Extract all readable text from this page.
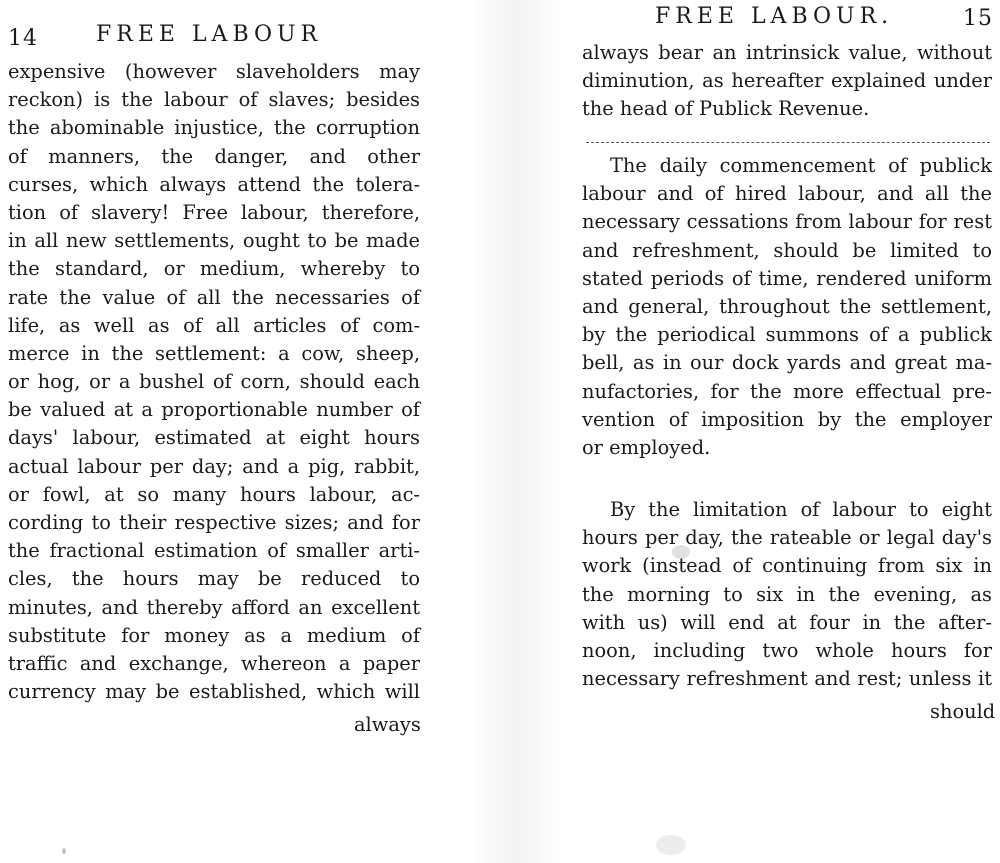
14	FREE LABOUR
expensive (however slaveholders may
reckon) is the labour of slaves; besides
the abominable injustice, the corruption
of manners, the danger, and other
curses, which always attend the tolera-
tion of slavery! Free labour, therefore,
in all new settlements, ought to be made
the standard, or medium, whereby to
rate the value of all the necessaries of
life, as well as of all articles of com-
merce in the settlement: a cow, sheep,
or hog, or a bushel of corn, should each
be valued at a proportionable number of
days' labour, estimated at eight hours
actual labour per day; and a pig, rabbit,
or fowl, at so many hours labour, ac-
cording to their respective sizes; and for
the fractional estimation of smaller arti-
cles, the hours may be reduced to
minutes, and thereby afford an excellent
substitute for money as a medium of
traffic and exchange, whereon a paper
currency may be established, which will
always
FREE LABOUR.	15
always bear an intrinsick value, without
diminution, as hereafter explained under
the head of Publick Revenue.
The daily commencement of publick
labour and of hired labour, and all the
necessary cessations from labour for rest
and refreshment, should be limited to
stated periods of time, rendered uniform
and general, throughout the settlement,
by the periodical summons of a publick
bell, as in our dock yards and great ma-
nufactories, for the more effectual pre-
vention of imposition by the employer
or employed.
By the limitation of labour to eight
hours per day, the rateable or legal day's
work (instead of continuing from six in
the morning to six in the evening, as
with us) will end at four in the after-
noon, including two whole hours for
necessary refreshment and rest; unless it
should
